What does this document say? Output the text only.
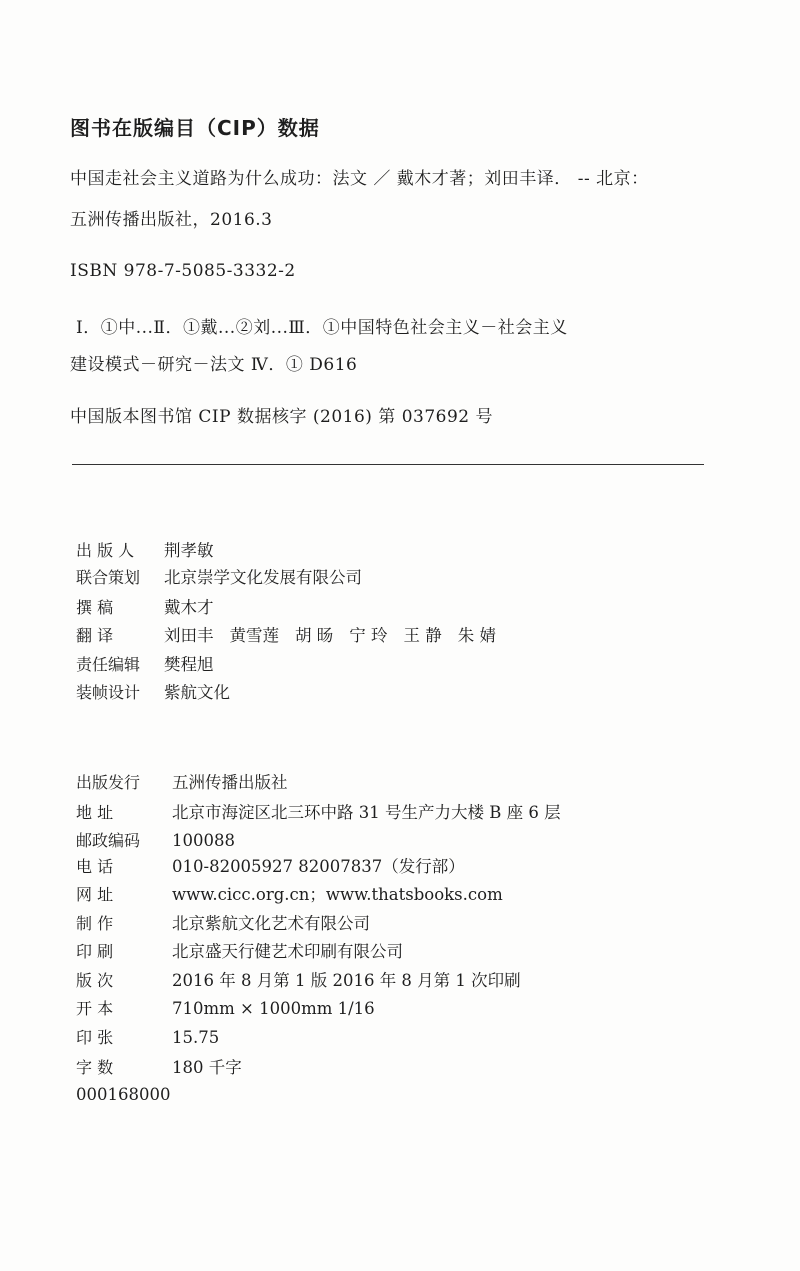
图书在版编目（CIP）数据
中国走社会主义道路为什么成功：法文 ／ 戴木才著；刘田丰译． -- 北京：
五洲传播出版社，2016.3
ISBN 978-7-5085-3332-2
Ⅰ．①中...Ⅱ．①戴...②刘...Ⅲ．①中国特色社会主义－社会主义
建设模式－研究－法文 Ⅳ．① D616
中国版本图书馆 CIP 数据核字 (2016) 第 037692 号
出 版 人 荆孝敏
联合策划 北京崇学文化发展有限公司
撰 稿	戴木才
翻 译	刘田丰 黄雪莲 胡 旸 宁 玲 王 静 朱 婧
责任编辑 樊程旭
装帧设计 紫航文化
出版发行 五洲传播出版社
地 址	北京市海淀区北三环中路 31 号生产力大楼 B 座 6 层
邮政编码 100088
电 话	010-82005927 82007837（发行部）
网 址	www.cicc.org.cn；www.thatsbooks.com
制 作	北京紫航文化艺术有限公司
印 刷	北京盛天行健艺术印刷有限公司
版 次	2016 年 8 月第 1 版 2016 年 8 月第 1 次印刷
开 本	710mm × 1000mm 1/16
印 张	15.75
字 数	180 千字
000168000
